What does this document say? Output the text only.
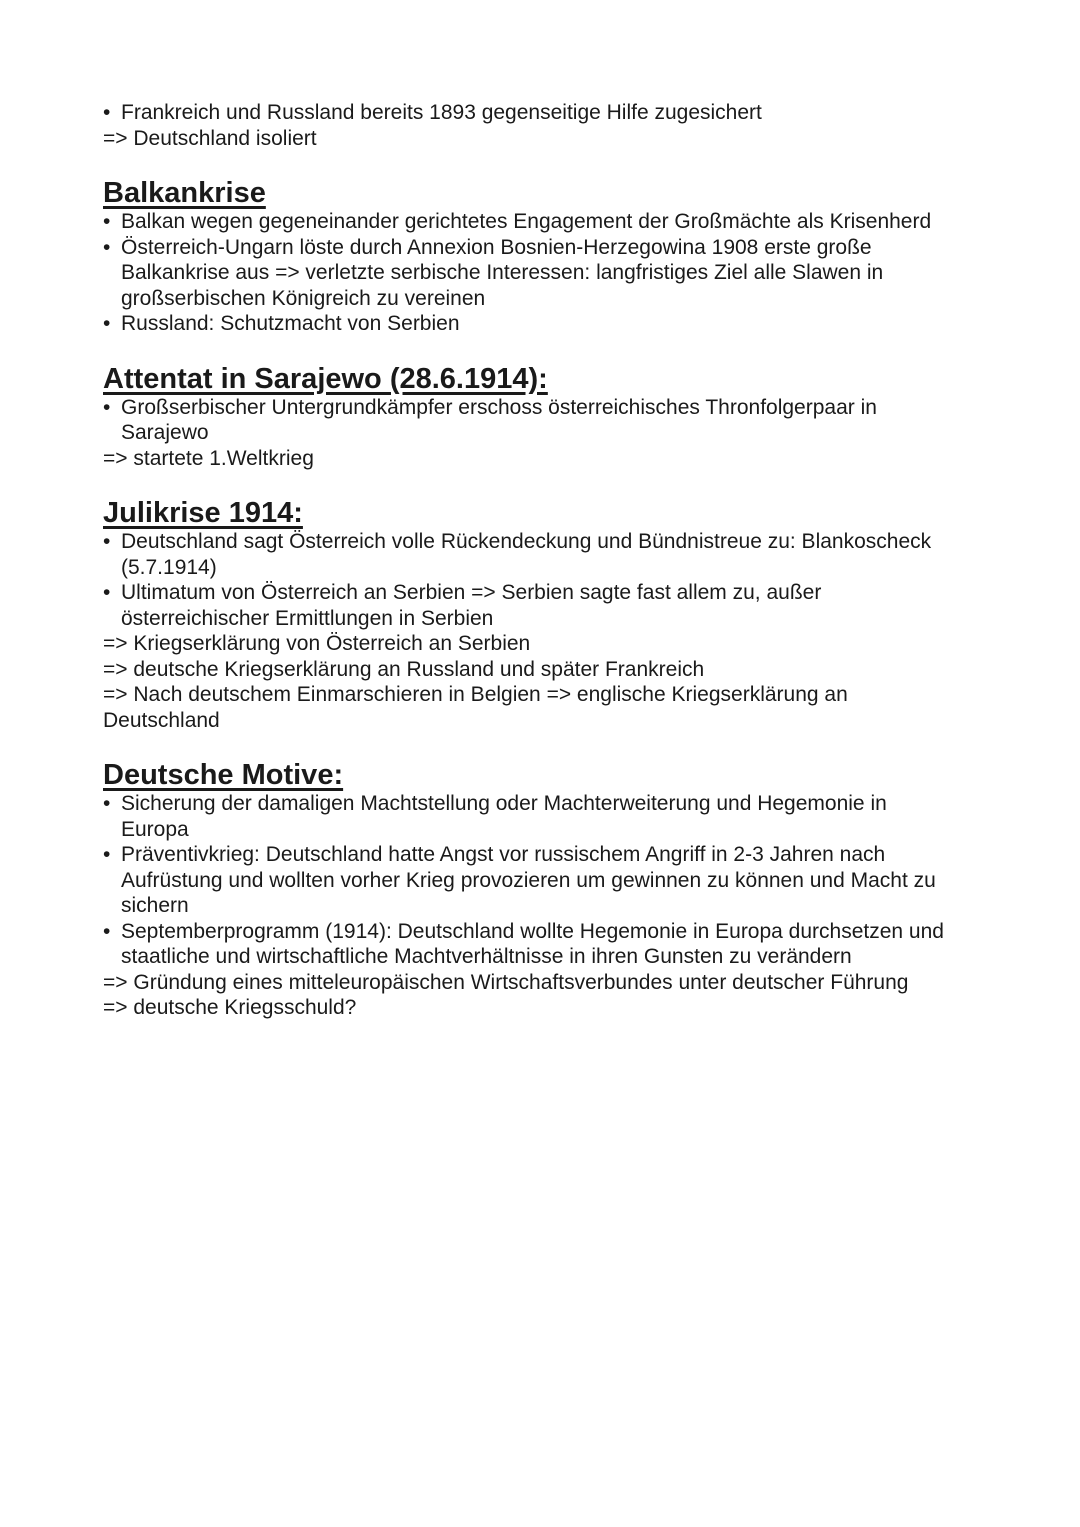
• Frankreich und Russland bereits 1893 gegenseitige Hilfe zugesichert

=> Deutschland isoliert

Balkankrise

• Balkan wegen gegeneinander gerichtetes Engagement der Großmächte als Krisenherd

• Österreich-Ungarn löste durch Annexion Bosnien-Herzegowina 1908 erste große

Balkankrise aus => verletzte serbische Interessen: langfristiges Ziel alle Slawen in

großserbischen Königreich zu vereinen

• Russland: Schutzmacht von Serbien

Attentat in Sarajewo (28.6.1914):

• Großserbischer Untergrundkämpfer erschoss österreichisches Thronfolgerpaar in

Sarajewo

=> startete 1.Weltkrieg

Julikrise 1914:

• Deutschland sagt Österreich volle Rückendeckung und Bündnistreue zu: Blankoscheck

(5.7.1914)

• Ultimatum von Österreich an Serbien => Serbien sagte fast allem zu, außer

österreichischer Ermittlungen in Serbien

=> Kriegserklärung von Österreich an Serbien

=> deutsche Kriegserklärung an Russland und später Frankreich

=> Nach deutschem Einmarschieren in Belgien => englische Kriegserklärung an

Deutschland

Deutsche Motive:

• Sicherung der damaligen Machtstellung oder Machterweiterung und Hegemonie in

Europa

• Präventivkrieg: Deutschland hatte Angst vor russischem Angriff in 2-3 Jahren nach

Aufrüstung und wollten vorher Krieg provozieren um gewinnen zu können und Macht zu

sichern

• Septemberprogramm (1914): Deutschland wollte Hegemonie in Europa durchsetzen und

staatliche und wirtschaftliche Machtverhältnisse in ihren Gunsten zu verändern

=> Gründung eines mitteleuropäischen Wirtschaftsverbundes unter deutscher Führung

=> deutsche Kriegsschuld?
